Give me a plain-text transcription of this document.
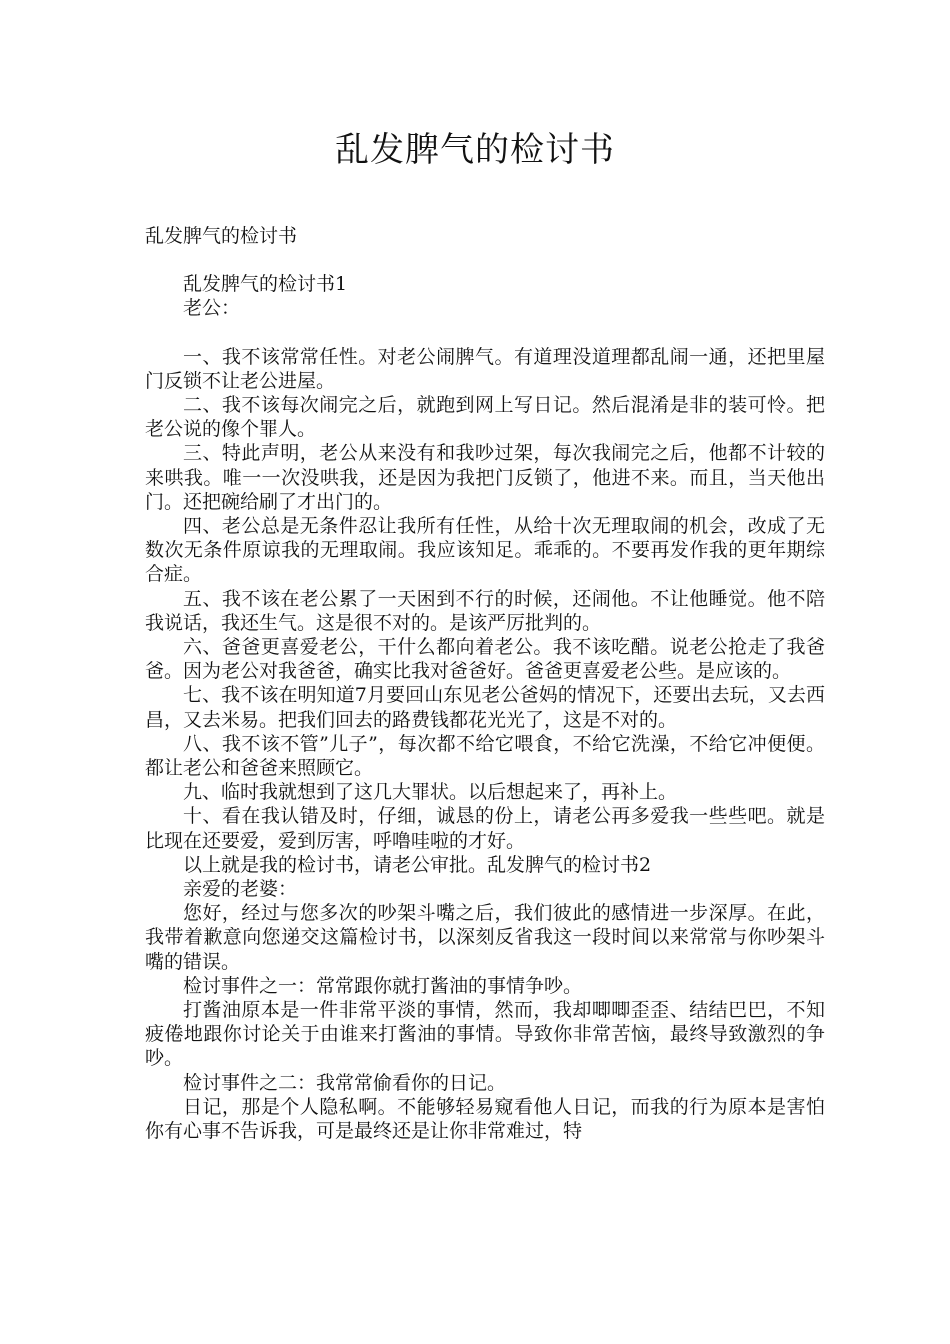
乱发脾气的检讨书

乱发脾气的检讨书

乱发脾气的检讨书1

老公：

一、我不该常常任性。对老公闹脾气。有道理没道理都乱闹一通，还把里屋门反锁不让老公进屋。

二、我不该每次闹完之后，就跑到网上写日记。然后混淆是非的装可怜。把老公说的像个罪人。

三、特此声明，老公从来没有和我吵过架，每次我闹完之后，他都不计较的来哄我。唯一一次没哄我，还是因为我把门反锁了，他进不来。而且，当天他出门。还把碗给刷了才出门的。

四、老公总是无条件忍让我所有任性，从给十次无理取闹的机会，改成了无数次无条件原谅我的无理取闹。我应该知足。乖乖的。不要再发作我的更年期综合症。

五、我不该在老公累了一天困到不行的时候，还闹他。不让他睡觉。他不陪我说话，我还生气。这是很不对的。是该严厉批判的。

六、爸爸更喜爱老公，干什么都向着老公。我不该吃醋。说老公抢走了我爸爸。因为老公对我爸爸，确实比我对爸爸好。爸爸更喜爱老公些。是应该的。

七、我不该在明知道7月要回山东见老公爸妈的情况下，还要出去玩，又去西昌，又去米易。把我们回去的路费钱都花光光了，这是不对的。

八、我不该不管”儿子”，每次都不给它喂食，不给它洗澡，不给它冲便便。都让老公和爸爸来照顾它。

九、临时我就想到了这几大罪状。以后想起来了，再补上。

十、看在我认错及时，仔细，诚恳的份上，请老公再多爱我一些些吧。就是比现在还要爱，爱到厉害，呼噜哇啦的才好。

以上就是我的检讨书，请老公审批。乱发脾气的检讨书2

亲爱的老婆：

您好，经过与您多次的吵架斗嘴之后，我们彼此的感情进一步深厚。在此，我带着歉意向您递交这篇检讨书，以深刻反省我这一段时间以来常常与你吵架斗嘴的错误。

检讨事件之一：常常跟你就打酱油的事情争吵。

打酱油原本是一件非常平淡的事情，然而，我却唧唧歪歪、结结巴巴，不知疲倦地跟你讨论关于由谁来打酱油的事情。导致你非常苦恼，最终导致激烈的争吵。

检讨事件之二：我常常偷看你的日记。

日记，那是个人隐私啊。不能够轻易窥看他人日记，而我的行为原本是害怕你有心事不告诉我，可是最终还是让你非常难过，特
